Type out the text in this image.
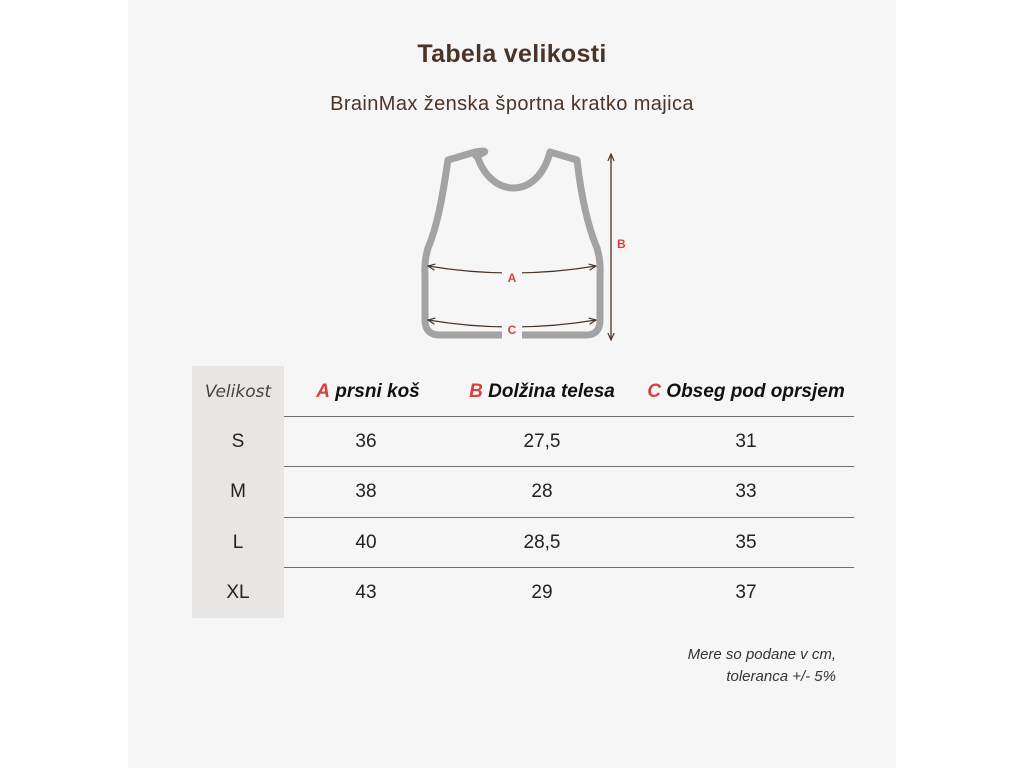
Tabela velikosti
BrainMax ženska športna kratko majica
A
C
B
Velikost	A prsni koš	B Dolžina telesa	C Obseg pod oprsjem
S	36	27,5	31
M	38	28	33
L	40	28,5	35
XL	43	29	37
Mere so podane v cm,
toleranca +/- 5%
